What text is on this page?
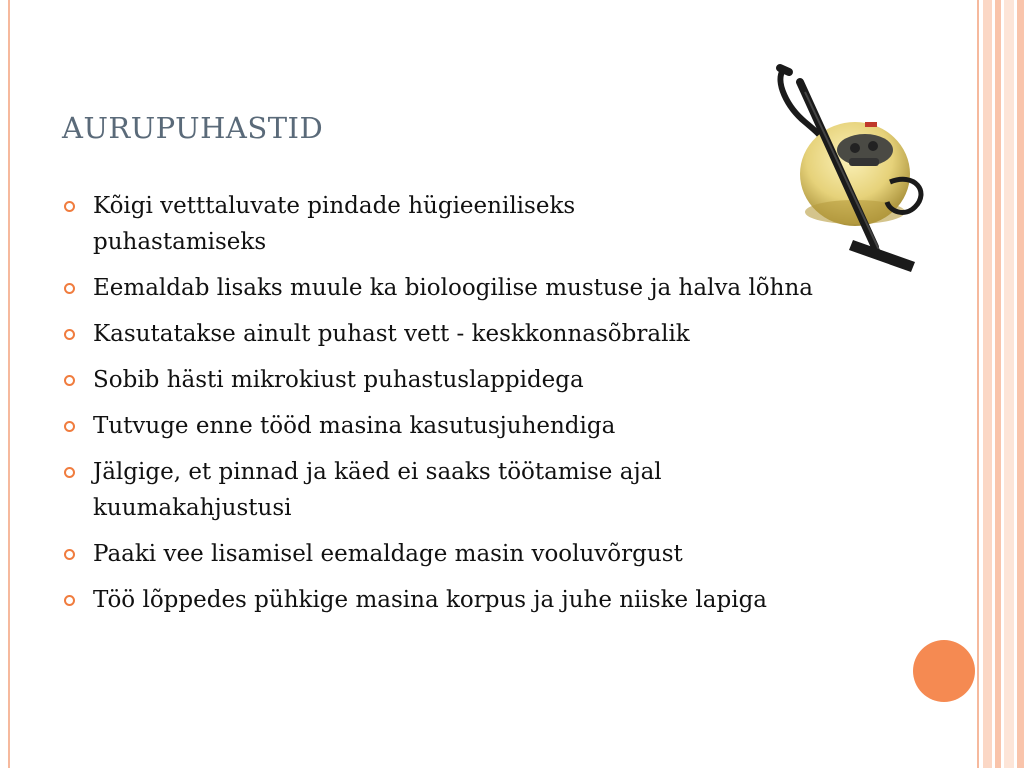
AURUPUHASTID
Kõigi vetttaluvate pindade hügieeniliseks puhastamiseks
Eemaldab lisaks muule ka bioloogilise mustuse ja halva lõhna
Kasutatakse ainult puhast vett - keskkonnasõbralik
Sobib hästi mikrokiust puhastuslappidega
Tutvuge enne tööd masina kasutusjuhendiga
Jälgige, et pinnad ja käed ei saaks töötamise ajal kuumakahjustusi
Paaki vee lisamisel eemaldage masin vooluvõrgust
Töö lõppedes pühkige masina korpus ja juhe niiske lapiga
